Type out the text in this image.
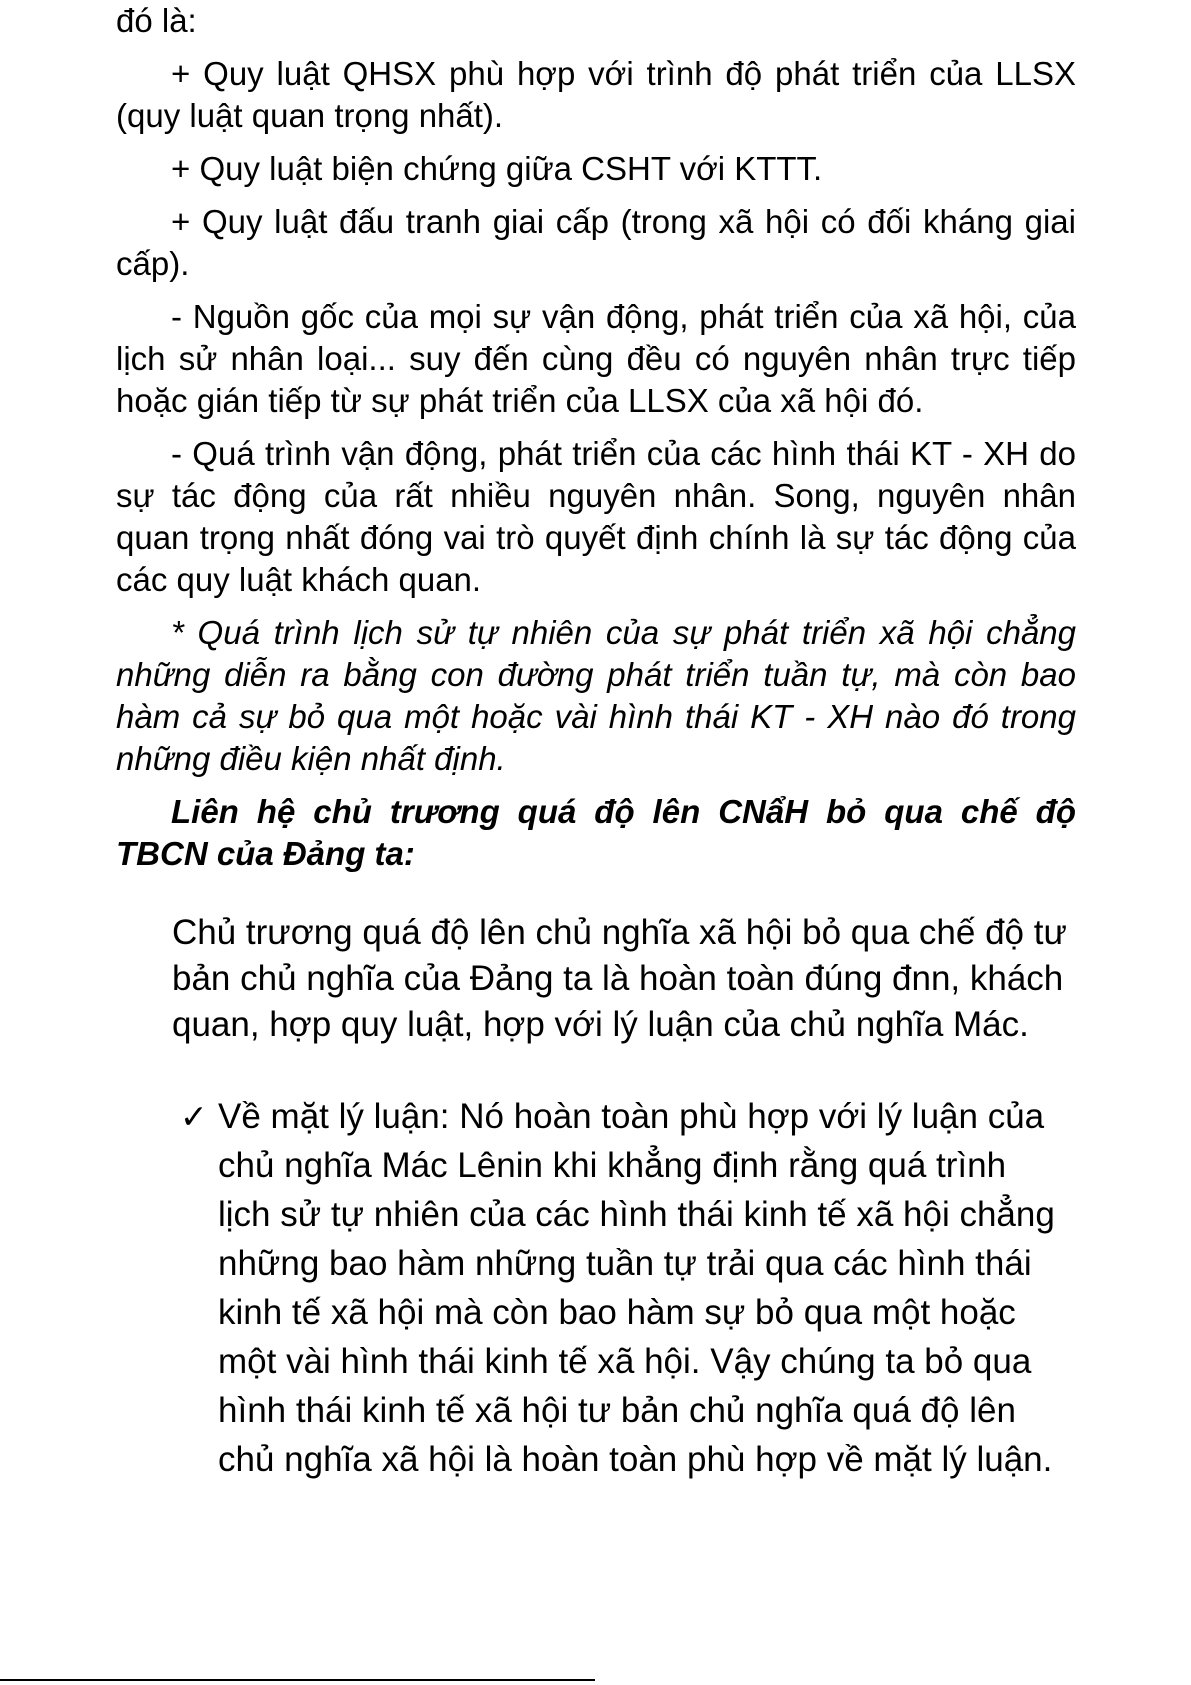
đó là:

+ Quy luật QHSX phù hợp với trình độ phát triển của LLSX (quy luật quan trọng nhất).

+ Quy luật biện chứng giữa CSHT với KTTT.

+ Quy luật đấu tranh giai cấp (trong xã hội có đối kháng giai cấp).

- Nguồn gốc của mọi sự vận động, phát triển của xã hội, của lịch sử nhân loại... suy đến cùng đều có nguyên nhân trực tiếp hoặc gián tiếp từ sự phát triển của LLSX của xã hội đó.

- Quá trình vận động, phát triển của các hình thái KT - XH do sự tác động của rất nhiều nguyên nhân. Song, nguyên nhân quan trọng nhất đóng vai trò quyết định chính là sự tác động của các quy luật khách quan.

* Quá trình lịch sử tự nhiên của sự phát triển xã hội chẳng những diễn ra bằng con đường phát triển tuần tự, mà còn bao hàm cả sự bỏ qua một hoặc vài hình thái KT - XH nào đó trong những điều kiện nhất định.

Liên hệ chủ trương quá độ lên CNẩH bỏ qua chế độ TBCN của Đảng ta:

Chủ trương quá độ lên chủ nghĩa xã hội bỏ qua chế độ tư bản chủ nghĩa của Đảng ta là hoàn toàn đúng đnn, khách quan, hợp quy luật, hợp với lý luận của chủ nghĩa Mác.
✓ Về mặt lý luận: Nó hoàn toàn phù hợp với lý luận của chủ nghĩa Mác Lênin khi khẳng định rằng quá trình lịch sử tự nhiên của các hình thái kinh tế xã hội chẳng những bao hàm những tuần tự trải qua các hình thái kinh tế xã hội mà còn bao hàm sự bỏ qua một hoặc một vài hình thái kinh tế xã hội. Vậy chúng ta bỏ qua hình thái kinh tế xã hội tư bản chủ nghĩa quá độ lên chủ nghĩa xã hội là hoàn toàn phù hợp về mặt lý luận.
